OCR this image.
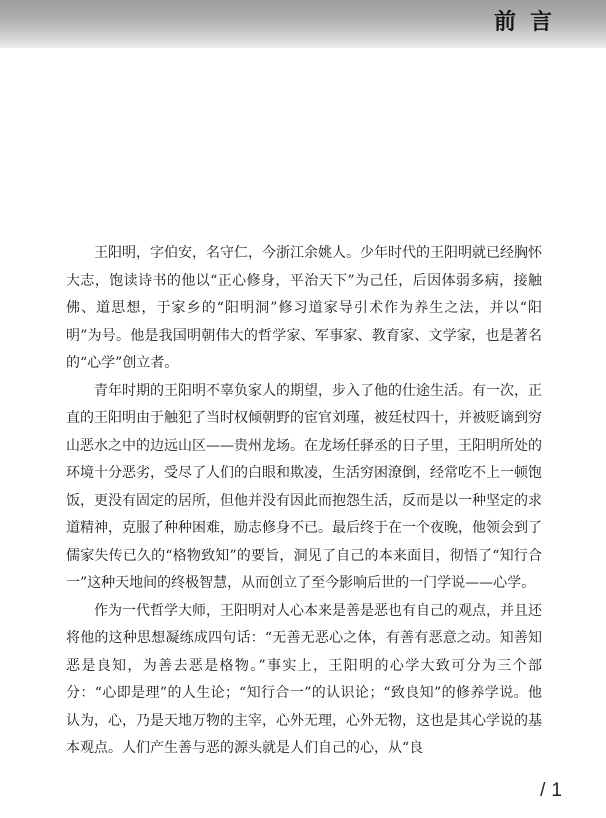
前言

王阳明，字伯安，名守仁，今浙江余姚人。少年时代的王阳明就已经胸怀大志，饱读诗书的他以“正心修身，平治天下”为己任，后因体弱多病，接触佛、道思想，于家乡的“阳明洞”修习道家导引术作为养生之法，并以“阳明”为号。他是我国明朝伟大的哲学家、军事家、教育家、文学家，也是著名的“心学”创立者。

青年时期的王阳明不辜负家人的期望，步入了他的仕途生活。有一次，正直的王阳明由于触犯了当时权倾朝野的宦官刘瑾，被廷杖四十，并被贬谪到穷山恶水之中的边远山区——贵州龙场。在龙场任驿丞的日子里，王阳明所处的环境十分恶劣，受尽了人们的白眼和欺凌，生活穷困潦倒，经常吃不上一顿饱饭，更没有固定的居所，但他并没有因此而抱怨生活，反而是以一种坚定的求道精神，克服了种种困难，励志修身不已。最后终于在一个夜晚，他领会到了儒家失传已久的“格物致知”的要旨，洞见了自己的本来面目，彻悟了“知行合一”这种天地间的终极智慧，从而创立了至今影响后世的一门学说——心学。

作为一代哲学大师，王阳明对人心本来是善是恶也有自己的观点，并且还将他的这种思想凝练成四句话：“无善无恶心之体，有善有恶意之动。知善知恶是良知，为善去恶是格物。”事实上，王阳明的心学大致可分为三个部分：“心即是理”的人生论；“知行合一”的认识论；“致良知”的修养学说。他认为，心，乃是天地万物的主宰，心外无理，心外无物，这也是其心学说的基本观点。人们产生善与恶的源头就是人们自己的心，从“良

/ 1
